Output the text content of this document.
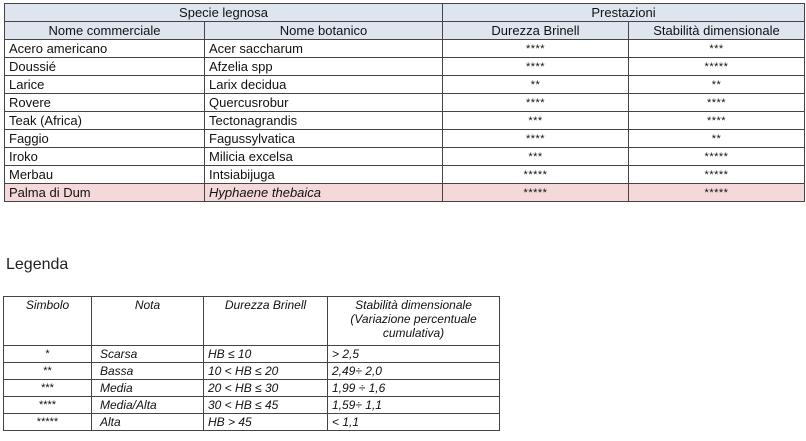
Specie legnosa		Prestazioni	
Nome commerciale	Nome botanico	Durezza Brinell	Stabilità dimensionale
Acero americano	Acer saccharum	****	***
Doussié	Afzelia spp	****	*****
Larice	Larix decidua	**	**
Rovere	Quercusrobur	****	****
Teak (Africa)	Tectonagrandis	***	****
Faggio	Fagussylvatica	****	**
Iroko	Milicia excelsa	***	*****
Merbau	Intsiabijuga	*****	*****
Palma di Dum	Hyphaene thebaica	*****	*****
Legenda
Simbolo	Nota	Durezza Brinell	Stabilità dimensionale (Variazione percentuale cumulativa)
*	Scarsa	HB ≤ 10	> 2,5
**	Bassa	10 < HB ≤ 20	2,49÷ 2,0
***	Media	20 < HB ≤ 30	1,99 ÷ 1,6
****	Media/Alta	30 < HB ≤ 45	1,59÷ 1,1
*****	Alta	HB > 45	< 1,1
